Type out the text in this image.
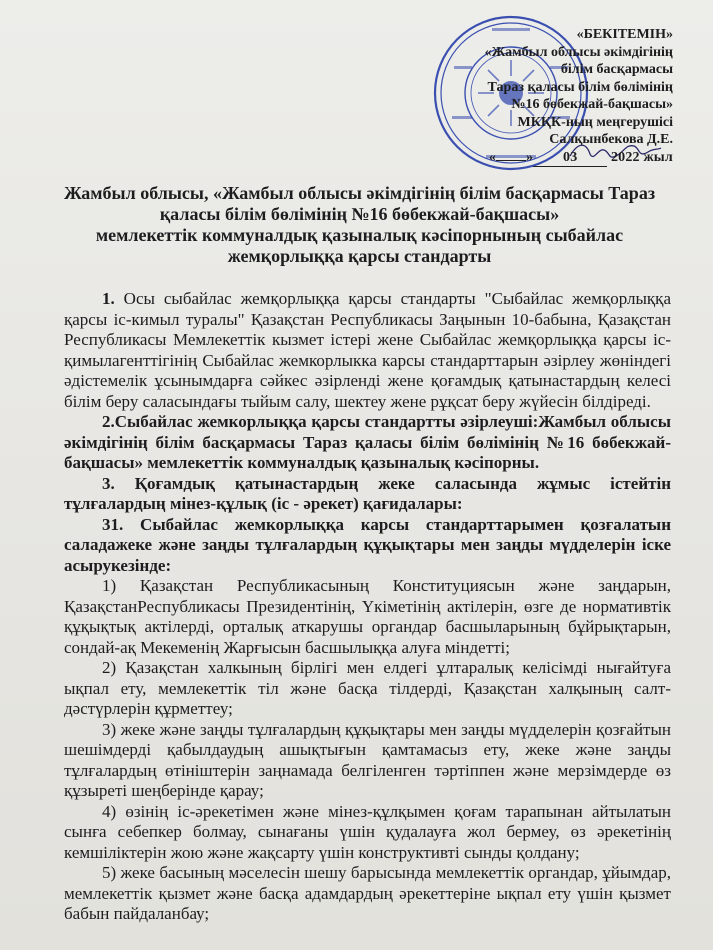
«БЕКІТЕМІН»
«Жамбыл облысы әкімдігінің
білім басқармасы
Тараз қаласы білім бөлімінің
№16 бөбекжай-бақшасы»
МКҚК-ның меңгерушісі
Салқынбекова Д.Е.
« » 03 2022 жыл
Жамбыл облысы, «Жамбыл облысы әкімдігінің білім басқармасы Тараз
қаласы білім бөлімінің №16 бөбекжай-бақшасы»
мемлекеттік коммуналдық қазыналық кәсіпорнының сыбайлас
жемқорлыққа қарсы стандарты

1. Осы сыбайлас жемқорлыққа қарсы стандарты "Сыбайлас жемқорлыққа қарсы іс-кимыл туралы" Қазақстан Республикасы Заңынын 10-бабына, Қазақстан Республикасы Мемлекеттік кызмет істері жене Сыбайлас жемқорлыққа қарсы іс-қимылагенттігінің Сыбайлас жемкорлыкка карсы стандарттарын әзірлеу жөніндегі әдістемелік ұсынымдарға сәйкес әзірленді жене қоғамдық қатынастардың келесі білім беру саласындағы тыйым салу, шектеу жене рұқсат беру жүйесін білдіреді.

2.Сыбайлас жемкорлыққа қарсы стандартты әзірлеуші:Жамбыл облысы әкімдігінің білім басқармасы Тараз қаласы білім бөлімінің №16 бөбекжай-бақшасы» мемлекеттік коммуналдық қазыналық кәсіпорны.

3. Қоғамдық қатынастардың жеке саласында жұмыс істейтін тұлғалардың мінез-құлық (іс - әрекет) қағидалары:

31. Сыбайлас жемкорлыққа карсы стандарттарымен қозғалатын саладажеке және заңды тұлғалардың құқықтары мен заңды мүдделерін іске асырукезінде:

1) Қазақстан Республикасының Конституциясын және заңдарын, ҚазақстанРеспубликасы Президентінің, Үкіметінің актілерін, өзге де нормативтік құқықтық актілерді, орталық аткарушы органдар басшыларының бұйрықтарын, сондай-ақ Мекеменің Жарғысын басшылыққа алуға міндетті;

2) Қазақстан халкының бірлігі мен елдегі ұлтаралық келісімді нығайтуға ықпал ету, мемлекеттік тіл және басқа тілдерді, Қазақстан халқының салт-дәстүрлерін құрметтеу;

3) жеке және заңды тұлғалардың құқықтары мен заңды мүдделерін қозғайтын шешімдерді қабылдаудың ашықтығын қамтамасыз ету, жеке және заңды тұлғалардың өтініштерін заңнамада белгіленген тәртіппен және мерзімдерде өз құзыреті шеңберінде қарау;

4) өзінің іс-әрекетімен және мінез-құлқымен қоғам тарапынан айтылатын сынға себепкер болмау, сынағаны үшін қудалауға жол бермеу, өз әрекетінің кемшіліктерін жою және жақсарту үшін конструктивті сынды қолдану;

5) жеке басының мәселесін шешу барысында мемлекеттік органдар, ұйымдар, мемлекеттік қызмет және басқа адамдардың әрекеттеріне ықпал ету үшін қызмет бабын пайдаланбау;
